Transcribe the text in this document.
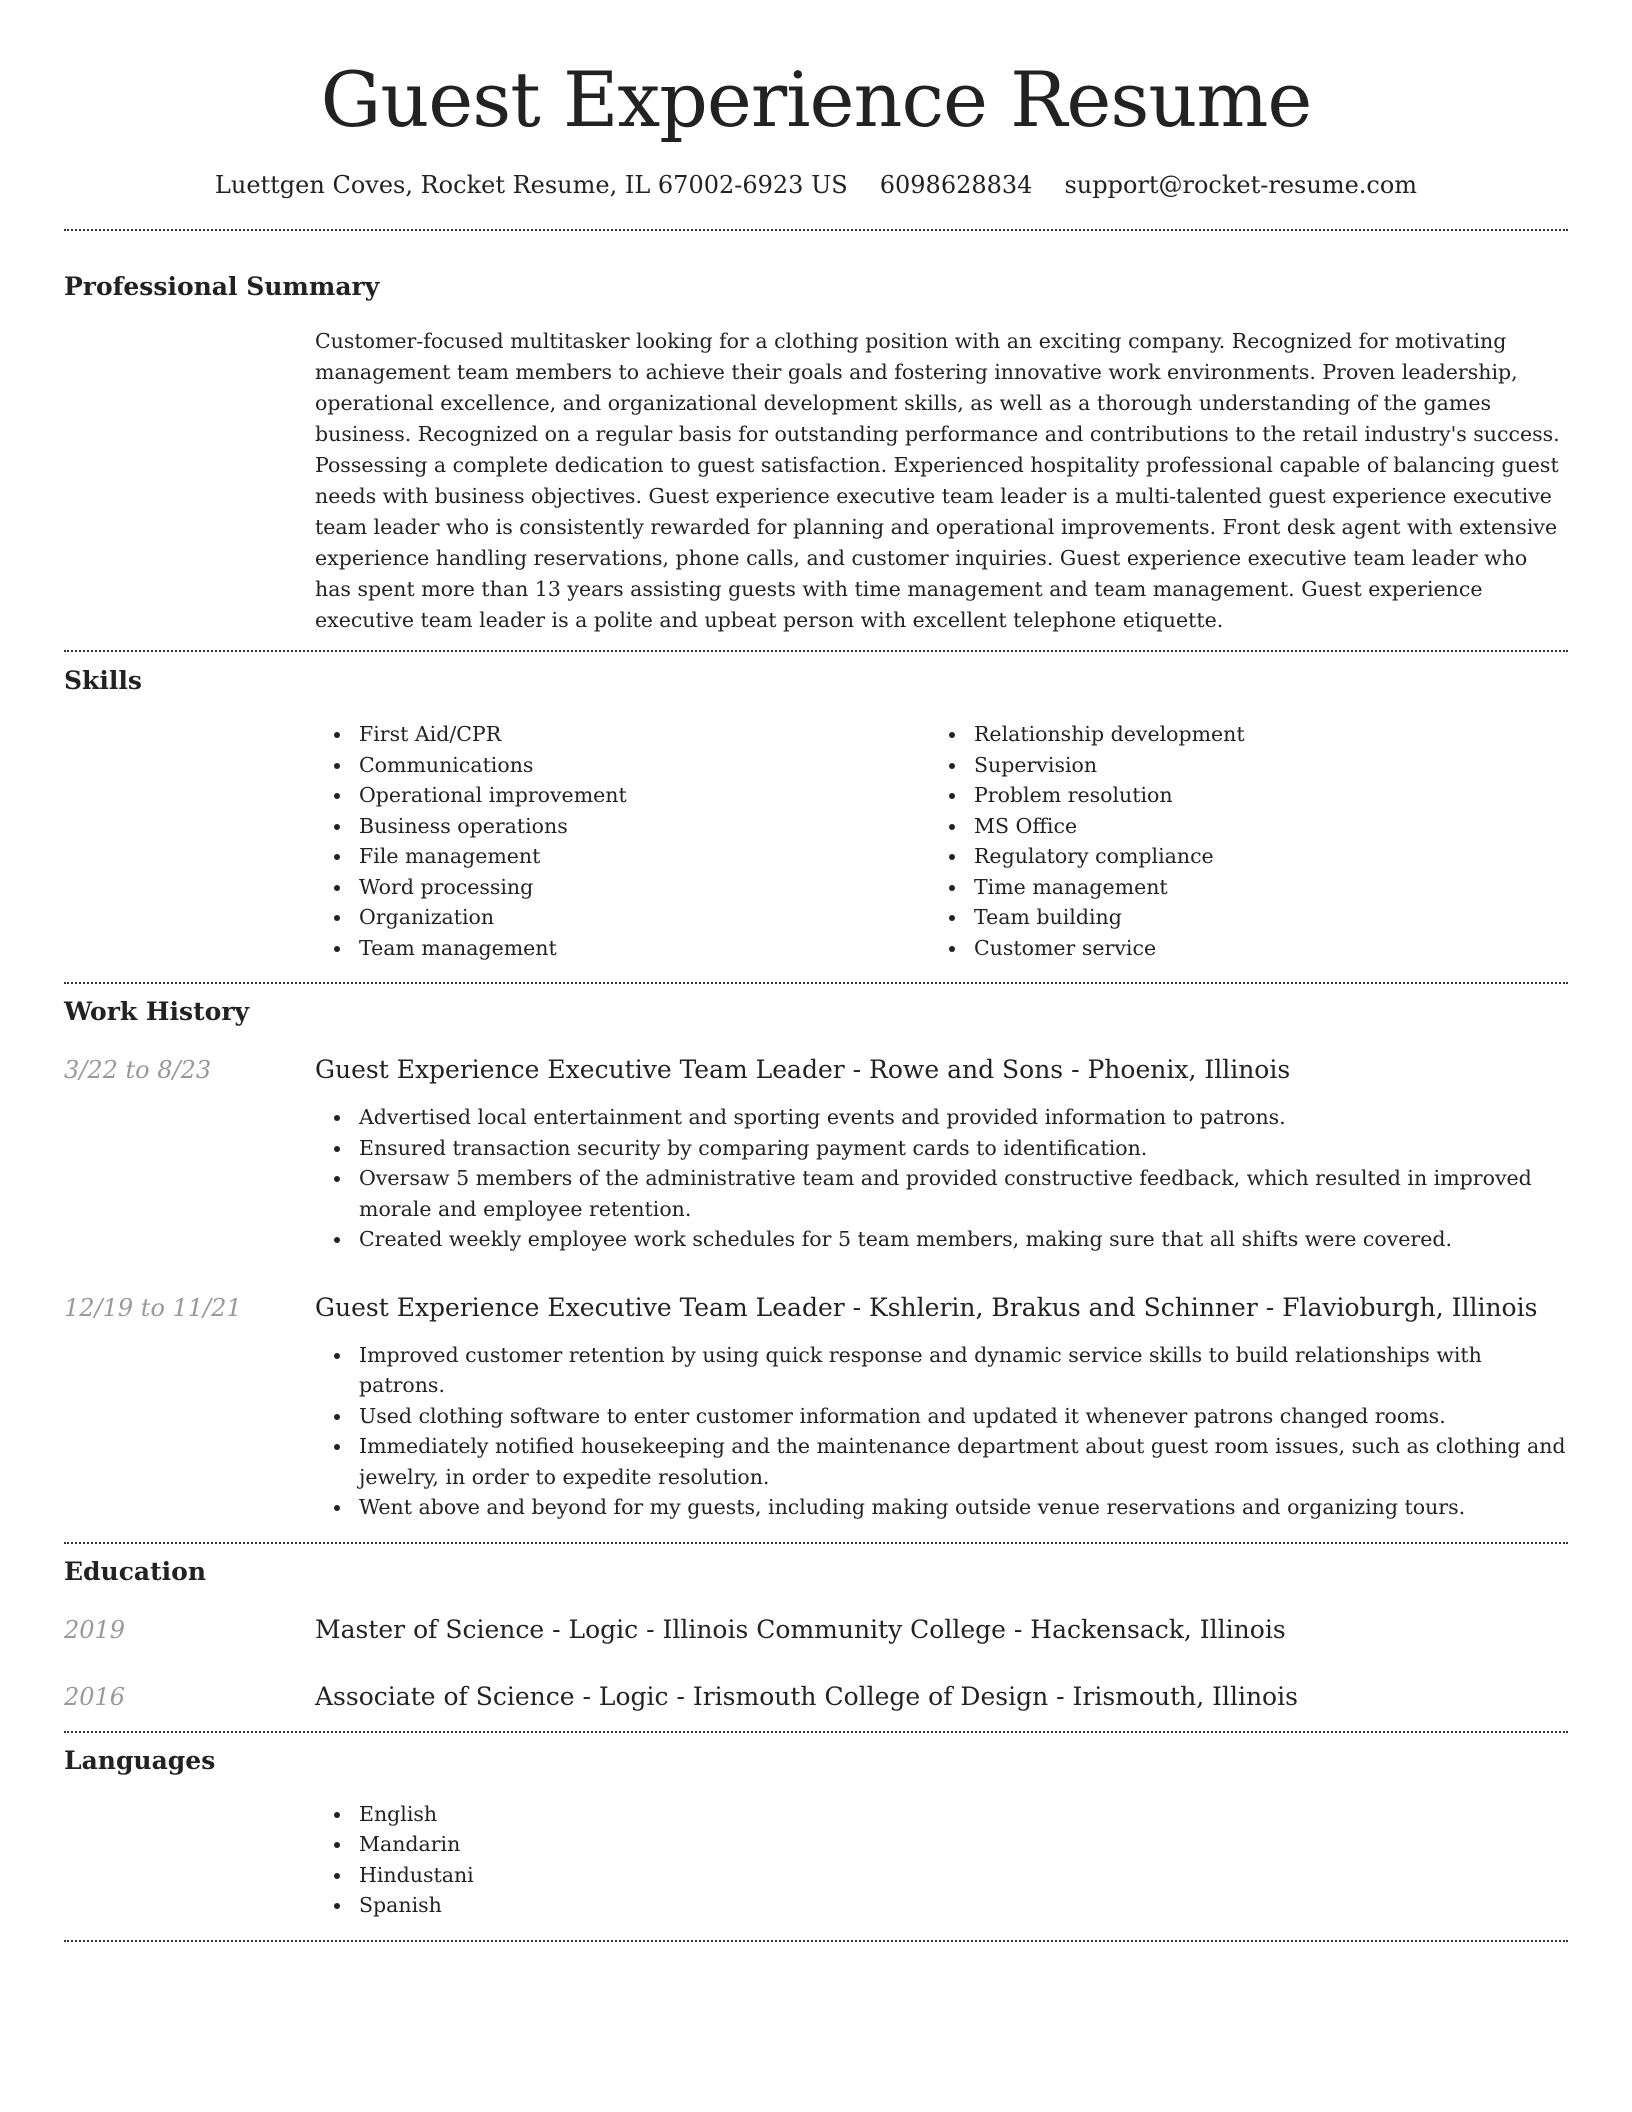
Guest Experience Resume
Luettgen Coves, Rocket Resume, IL 67002-6923 US 6098628834 support@rocket-resume.com
Professional Summary

Customer-focused multitasker looking for a clothing position with an exciting company. Recognized for motivating management team members to achieve their goals and fostering innovative work environments. Proven leadership, operational excellence, and organizational development skills, as well as a thorough understanding of the games business. Recognized on a regular basis for outstanding performance and contributions to the retail industry's success. Possessing a complete dedication to guest satisfaction. Experienced hospitality professional capable of balancing guest needs with business objectives. Guest experience executive team leader is a multi-talented guest experience executive team leader who is consistently rewarded for planning and operational improvements. Front desk agent with extensive experience handling reservations, phone calls, and customer inquiries. Guest experience executive team leader who has spent more than 13 years assisting guests with time management and team management. Guest experience executive team leader is a polite and upbeat person with excellent telephone etiquette.

Skills
First Aid/CPR
Communications
Operational improvement
Business operations
File management
Word processing
Organization
Team management
Relationship development
Supervision
Problem resolution
MS Office
Regulatory compliance
Time management
Team building
Customer service
Work History
3/22 to 8/23	Guest Experience Executive Team Leader - Rowe and Sons - Phoenix, Illinois
Advertised local entertainment and sporting events and provided information to patrons.
Ensured transaction security by comparing payment cards to identification.
Oversaw 5 members of the administrative team and provided constructive feedback, which resulted in improved morale and employee retention.
Created weekly employee work schedules for 5 team members, making sure that all shifts were covered.
12/19 to 11/21	Guest Experience Executive Team Leader - Kshlerin, Brakus and Schinner - Flavioburgh, Illinois
Improved customer retention by using quick response and dynamic service skills to build relationships with patrons.
Used clothing software to enter customer information and updated it whenever patrons changed rooms.
Immediately notified housekeeping and the maintenance department about guest room issues, such as clothing and jewelry, in order to expedite resolution.
Went above and beyond for my guests, including making outside venue reservations and organizing tours.
Education
2019	Master of Science - Logic - Illinois Community College - Hackensack, Illinois
2016	Associate of Science - Logic - Irismouth College of Design - Irismouth, Illinois
Languages
English
Mandarin
Hindustani
Spanish
